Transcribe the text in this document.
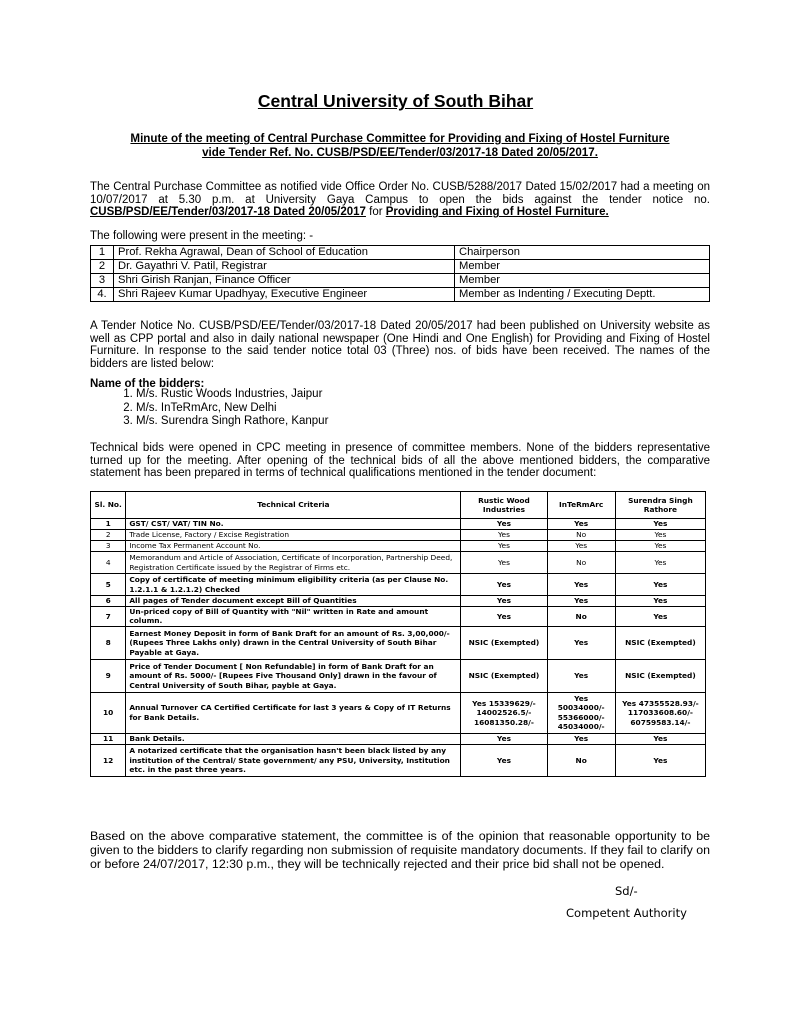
Central University of South Bihar
Minute of the meeting of Central Purchase Committee for Providing and Fixing of Hostel Furniture
vide Tender Ref. No. CUSB/PSD/EE/Tender/03/2017-18 Dated 20/05/2017.
The Central Purchase Committee as notified vide Office Order No. CUSB/5288/2017 Dated 15/02/2017 had a meeting on 10/07/2017 at 5.30 p.m. at University Gaya Campus to open the bids against the tender notice no. CUSB/PSD/EE/Tender/03/2017-18 Dated 20/05/2017 for Providing and Fixing of Hostel Furniture.
The following were present in the meeting: -
1	Prof. Rekha Agrawal, Dean of School of Education	Chairperson
2	Dr. Gayathri V. Patil, Registrar	Member
3	Shri Girish Ranjan, Finance Officer	Member
4.	Shri Rajeev Kumar Upadhyay, Executive Engineer	Member as Indenting / Executing Deptt.
A Tender Notice No. CUSB/PSD/EE/Tender/03/2017-18 Dated 20/05/2017 had been published on University website as well as CPP portal and also in daily national newspaper (One Hindi and One English) for Providing and Fixing of Hostel Furniture. In response to the said tender notice total 03 (Three) nos. of bids have been received. The names of the bidders are listed below:
Name of the bidders:
1. M/s. Rustic Woods Industries, Jaipur
2. M/s. InTeRmArc, New Delhi
3. M/s. Surendra Singh Rathore, Kanpur
Technical bids were opened in CPC meeting in presence of committee members. None of the bidders representative turned up for the meeting. After opening of the technical bids of all the above mentioned bidders, the comparative statement has been prepared in terms of technical qualifications mentioned in the tender document:
Sl. No.	Technical Criteria	Rustic Wood Industries	InTeRmArc	Surendra Singh Rathore
1	GST/ CST/ VAT/ TIN No.	Yes	Yes	Yes
2	Trade License, Factory / Excise Registration	Yes	No	Yes
3	Income Tax Permanent Account No.	Yes	Yes	Yes
4	Memorandum and Article of Association, Certificate of Incorporation, Partnership Deed, Registration Certificate issued by the Registrar of Firms etc.	Yes	No	Yes
5	Copy of certificate of meeting minimum eligibility criteria (as per Clause No. 1.2.1.1 & 1.2.1.2) Checked	Yes	Yes	Yes
6	All pages of Tender document except Bill of Quantities	Yes	Yes	Yes
7	Un-priced copy of Bill of Quantity with "Nil" written in Rate and amount column.	Yes	No	Yes
8	Earnest Money Deposit in form of Bank Draft for an amount of Rs. 3,00,000/- (Rupees Three Lakhs only) drawn in the Central University of South Bihar Payable at Gaya.	NSIC (Exempted)	Yes	NSIC (Exempted)
9	Price of Tender Document [ Non Refundable] in form of Bank Draft for an amount of Rs. 5000/- [Rupees Five Thousand Only] drawn in the favour of Central University of South Bihar, payble at Gaya.	NSIC (Exempted)	Yes	NSIC (Exempted)
10	Annual Turnover CA Certified Certificate for last 3 years & Copy of IT Returns for Bank Details.	Yes 15339629/- 14002526.5/- 16081350.28/-	Yes 50034000/- 55366000/- 45034000/-	Yes 47355528.93/- 117033608.60/- 60759583.14/-
11	Bank Details.	Yes	Yes	Yes
12	A notarized certificate that the organisation hasn't been black listed by any institution of the Central/ State government/ any PSU, University, Institution etc. in the past three years.	Yes	No	Yes
Based on the above comparative statement, the committee is of the opinion that reasonable opportunity to be given to the bidders to clarify regarding non submission of requisite mandatory documents. If they fail to clarify on or before 24/07/2017, 12:30 p.m., they will be technically rejected and their price bid shall not be opened.
Sd/-
Competent Authority
